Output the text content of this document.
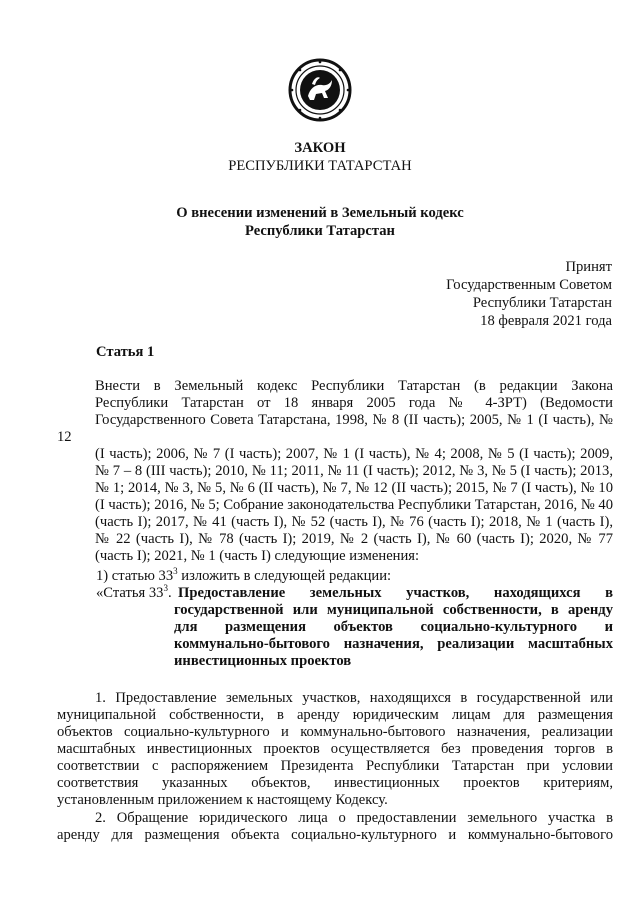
ЗАКОН
РЕСПУБЛИКИ ТАТАРСТАН
О внесении изменений в Земельный кодекс
Республики Татарстан
Принят
Государственным Советом
Республики Татарстан
18 февраля 2021 года
Статья 1
Внести в Земельный кодекс Республики Татарстан (в редакции Закона
Республики Татарстан от 18 января 2005 года № 4-ЗРТ) (Ведомости
Государственного Совета Татарстана, 1998, № 8 (II часть); 2005, № 1 (I часть), № 12
(I часть); 2006, № 7 (I часть); 2007, № 1 (I часть), № 4; 2008, № 5 (I часть); 2009,
№ 7 – 8 (III часть); 2010, № 11; 2011, № 11 (I часть); 2012, № 3, № 5 (I часть); 2013,
№ 1; 2014, № 3, № 5, № 6 (II часть), № 7, № 12 (II часть); 2015, № 7 (I часть), № 10
(I часть); 2016, № 5; Собрание законодательства Республики Татарстан, 2016, № 40
(часть I); 2017, № 41 (часть I), № 52 (часть I), № 76 (часть I); 2018, № 1 (часть I),
№ 22 (часть I), № 78 (часть I); 2019, № 2 (часть I), № 60 (часть I); 2020, № 77
(часть I); 2021, № 1 (часть I) следующие изменения:
1) статью $33^3$ изложить в следующей редакции:
«Статья $33^3$. Предоставление земельных участков, находящихся в
государственной или муниципальной собственности, в аренду
для размещения объектов социально-культурного и
коммунально-бытового назначения, реализации масштабных
инвестиционных проектов
1. Предоставление земельных участков, находящихся в государственной или
муниципальной собственности, в аренду юридическим лицам для размещения
объектов социально-культурного и коммунально-бытового назначения, реализации
масштабных инвестиционных проектов осуществляется без проведения торгов в
соответствии с распоряжением Президента Республики Татарстан при условии
соответствия указанных объектов, инвестиционных проектов критериям,
установленным приложением к настоящему Кодексу.
2. Обращение юридического лица о предоставлении земельного участка в
аренду для размещения объекта социально-культурного и коммунально-бытового
